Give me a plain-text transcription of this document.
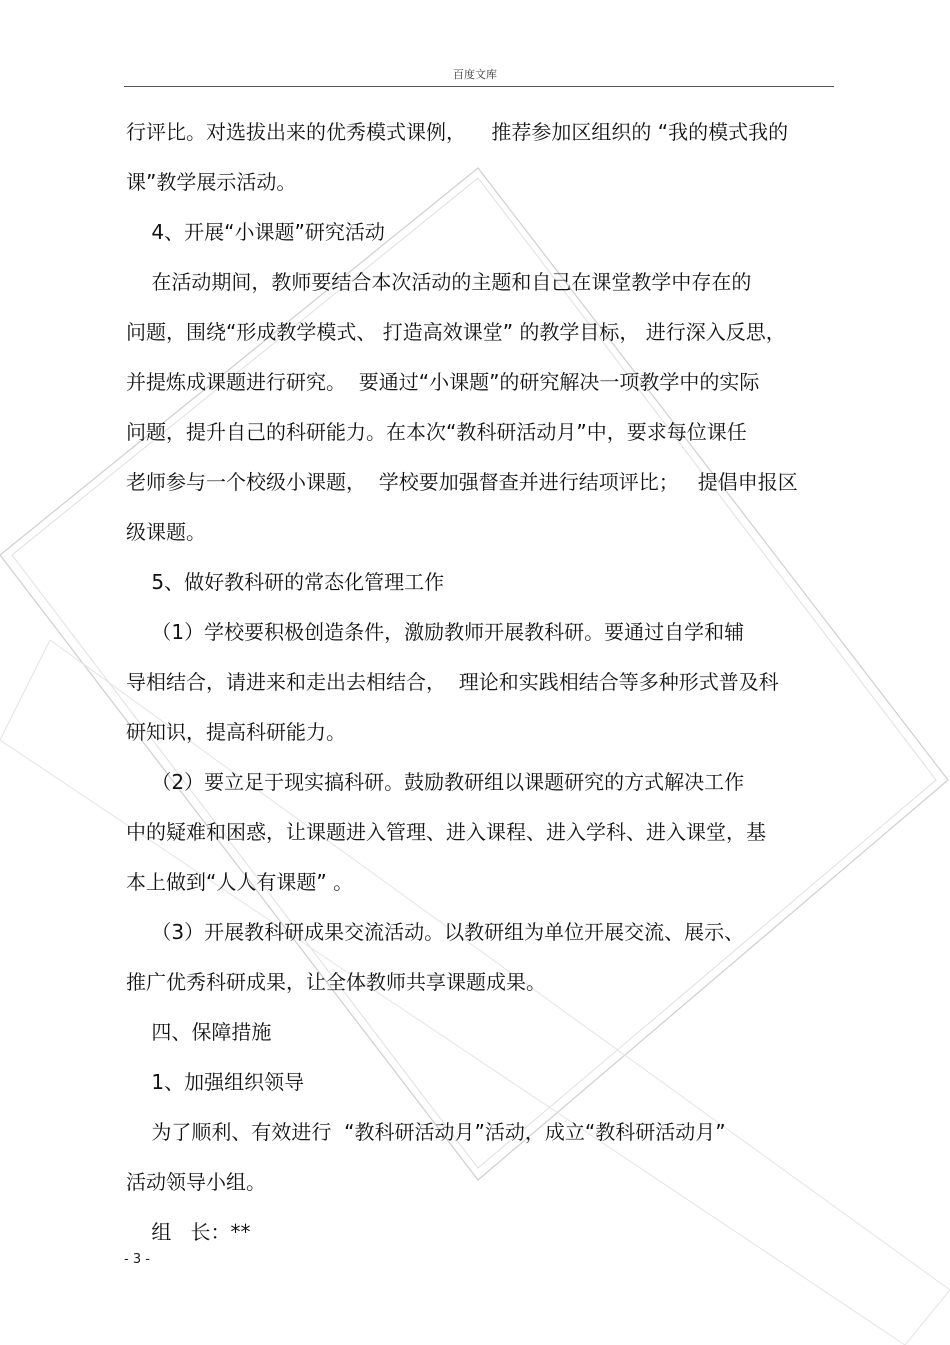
百度文库
行评比。对选拔出来的优秀模式课例，    推荐参加区组织的 “我的模式我的
课”教学展示活动。
4、开展“小课题”研究活动
在活动期间，教师要结合本次活动的主题和自己在课堂教学中存在的
问题，围绕“形成教学模式、 打造高效课堂” 的教学目标， 进行深入反思，
并提炼成课题进行研究。  要通过“小课题”的研究解决一项教学中的实际
问题，提升自己的科研能力。在本次“教科研活动月”中，要求每位课任
老师参与一个校级小课题，  学校要加强督查并进行结项评比；   提倡申报区
级课题。
5、做好教科研的常态化管理工作
（1）学校要积极创造条件，激励教师开展教科研。要通过自学和辅
导相结合，请进来和走出去相结合，  理论和实践相结合等多种形式普及科
研知识，提高科研能力。
（2）要立足于现实搞科研。鼓励教研组以课题研究的方式解决工作
中的疑难和困惑，让课题进入管理、进入课程、进入学科、进入课堂，基
本上做到“人人有课题” 。
（3）开展教科研成果交流活动。以教研组为单位开展交流、展示、
推广优秀科研成果，让全体教师共享课题成果。
四、保障措施
1、加强组织领导
为了顺利、有效进行  “教科研活动月”活动，成立“教科研活动月”
活动领导小组。
组   长：**
- 3 -
